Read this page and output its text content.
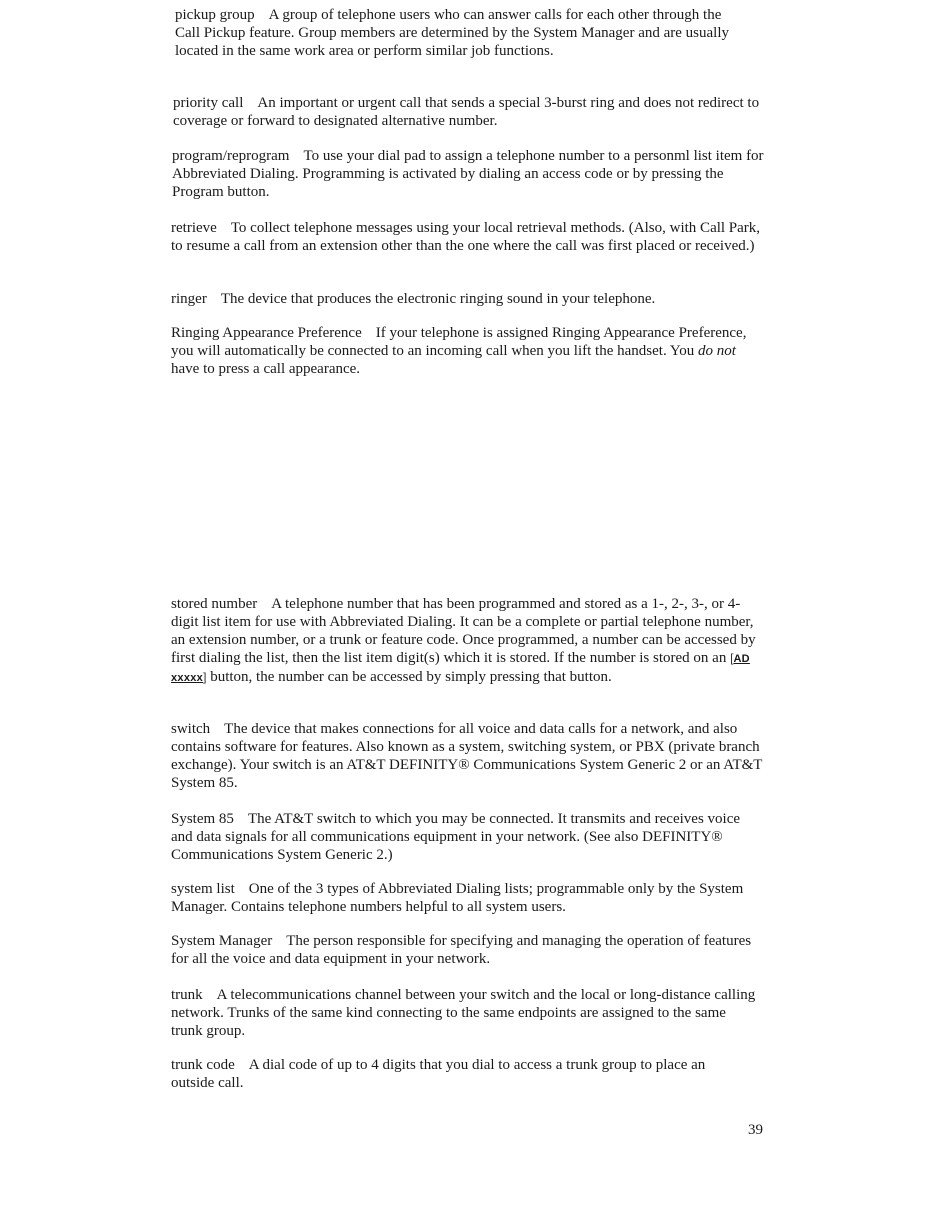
pickup group A group of telephone users who can answer calls for each other through the Call Pickup feature. Group members are determined by the System Manager and are usually located in the same work area or perform similar job functions.

priority call An important or urgent call that sends a special 3-burst ring and does not redirect to coverage or forward to designated alternative number.

program/reprogram To use your dial pad to assign a telephone number to a personml list item for Abbreviated Dialing. Programming is activated by dialing an access code or by pressing the Program button.

retrieve To collect telephone messages using your local retrieval methods. (Also, with Call Park, to resume a call from an extension other than the one where the call was first placed or received.)

ringer The device that produces the electronic ringing sound in your telephone.

Ringing Appearance Preference If your telephone is assigned Ringing Appearance Preference, you will automatically be connected to an incoming call when you lift the handset. You do not have to press a call appearance.

stored number A telephone number that has been programmed and stored as a 1-, 2-, 3-, or 4-digit list item for use with Abbreviated Dialing. It can be a complete or partial telephone number, an extension number, or a trunk or feature code. Once programmed, a number can be accessed by first dialing the list, then the list item digit(s) which it is stored. If the number is stored on an [AD xxxxx] button, the number can be accessed by simply pressing that button.

switch The device that makes connections for all voice and data calls for a network, and also contains software for features. Also known as a system, switching system, or PBX (private branch exchange). Your switch is an AT&T DEFINITY® Communications System Generic 2 or an AT&T System 85.

System 85 The AT&T switch to which you may be connected. It transmits and receives voice and data signals for all communications equipment in your network. (See also DEFINITY® Communications System Generic 2.)

system list One of the 3 types of Abbreviated Dialing lists; programmable only by the System Manager. Contains telephone numbers helpful to all system users.

System Manager The person responsible for specifying and managing the operation of features for all the voice and data equipment in your network.

trunk A telecommunications channel between your switch and the local or long-distance calling network. Trunks of the same kind connecting to the same endpoints are assigned to the same trunk group.

trunk code A dial code of up to 4 digits that you dial to access a trunk group to place an outside call.

39
